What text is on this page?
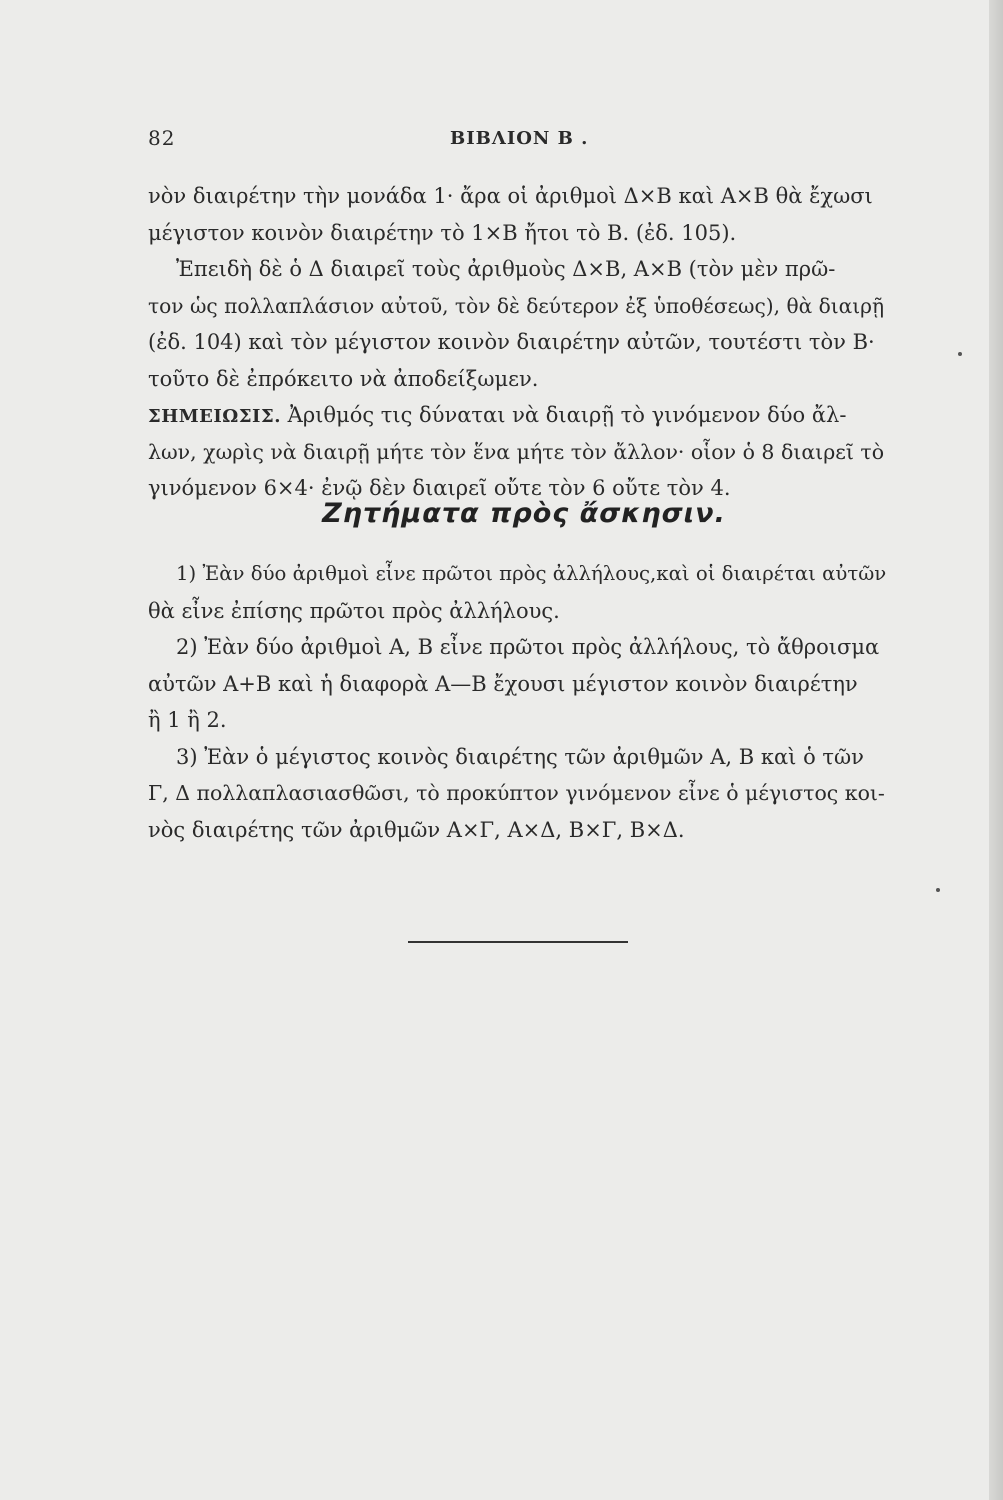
82	ΒΙΒΛΙΟΝ Β .
νὸν διαιρέτην τὴν μονάδα 1· ἄρα οἱ ἀριθμοὶ Δ×Β καὶ Α×Β θὰ ἔχωσι
μέγιστον κοινὸν διαιρέτην τὸ 1×Β ἤτοι τὸ Β. (ἐδ. 105).
Ἐπειδὴ δὲ ὁ Δ διαιρεῖ τοὺς ἀριθμοὺς Δ×Β, Α×Β (τὸν μὲν πρῶ-
τον ὡς πολλαπλάσιον αὐτοῦ, τὸν δὲ δεύτερον ἐξ ὑποθέσεως), θὰ διαιρῇ
(ἐδ. 104) καὶ τὸν μέγιστον κοινὸν διαιρέτην αὐτῶν, τουτέστι τὸν Β·
τοῦτο δὲ ἐπρόκειτο νὰ ἀποδείξωμεν.
ΣΗΜΕΙΩΣΙΣ. Ἀριθμός τις δύναται νὰ διαιρῇ τὸ γινόμενον δύο ἄλ-
λων, χωρὶς νὰ διαιρῇ μήτε τὸν ἕνα μήτε τὸν ἄλλον· οἷον ὁ 8 διαιρεῖ τὸ
γινόμενον 6×4· ἐνῷ δὲν διαιρεῖ οὔτε τὸν 6 οὔτε τὸν 4.
Ζητήματα πρὸς ἄσκησιν.
1) Ἐὰν δύο ἀριθμοὶ εἶνε πρῶτοι πρὸς ἀλλήλους,καὶ οἱ διαιρέται αὐτῶν
θὰ εἶνε ἐπίσης πρῶτοι πρὸς ἀλλήλους.
2) Ἐὰν δύο ἀριθμοὶ Α, Β εἶνε πρῶτοι πρὸς ἀλλήλους, τὸ ἄθροισμα
αὐτῶν Α+Β καὶ ἡ διαφορὰ Α—Β ἔχουσι μέγιστον κοινὸν διαιρέτην
ἢ 1 ἢ 2.
3) Ἐὰν ὁ μέγιστος κοινὸς διαιρέτης τῶν ἀριθμῶν Α, Β καὶ ὁ τῶν
Γ, Δ πολλαπλασιασθῶσι, τὸ προκύπτον γινόμενον εἶνε ὁ μέγιστος κοι-
νὸς διαιρέτης τῶν ἀριθμῶν Α×Γ, Α×Δ, Β×Γ, Β×Δ.
